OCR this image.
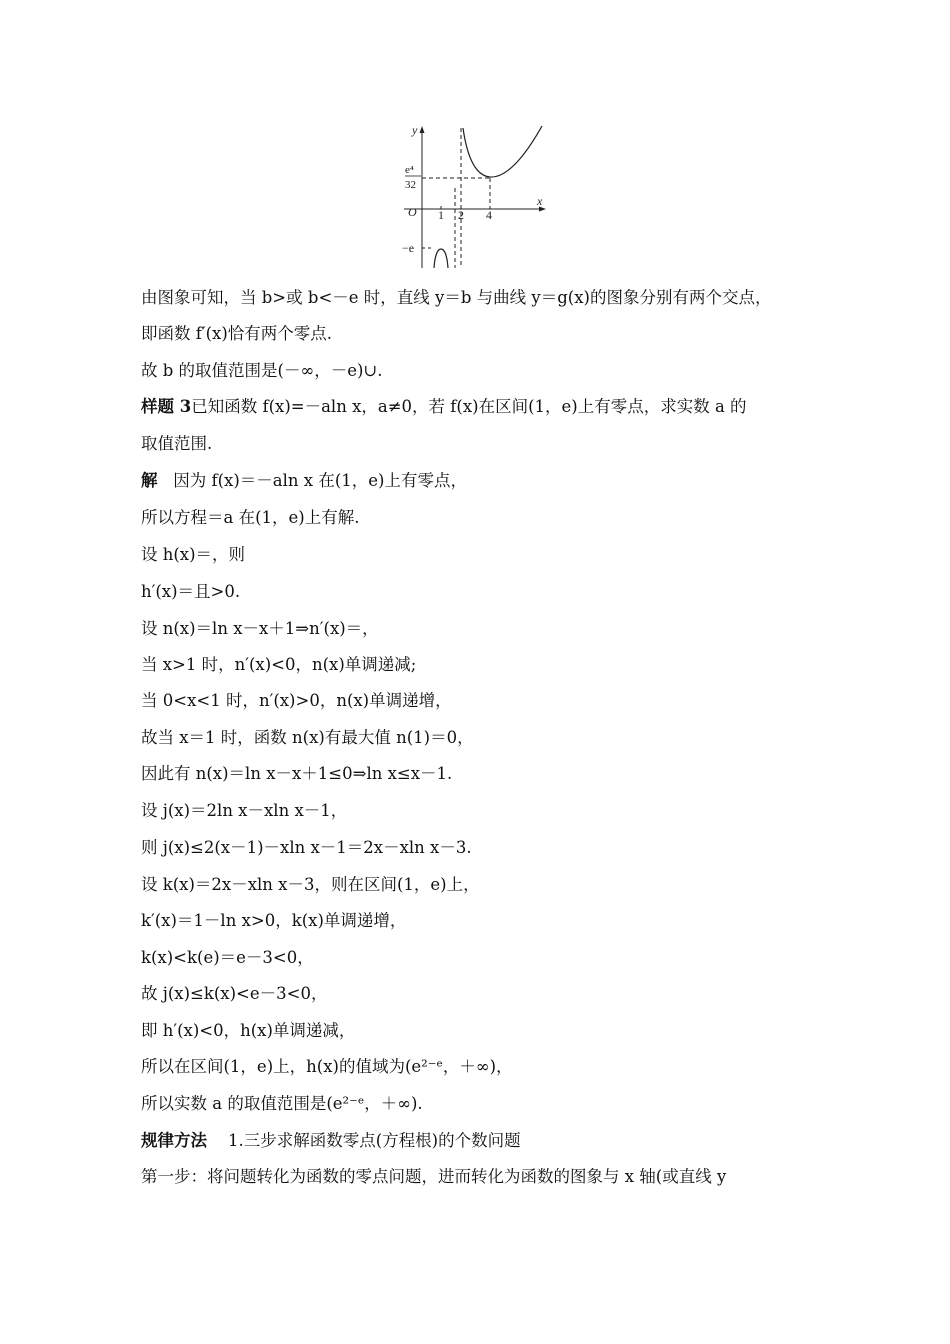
y
x
O 1 2 4
e⁴
32
−e
由图象可知，当 b>或 b<－e 时，直线 y＝b 与曲线 y＝g(x)的图象分别有两个交点，
即函数 f′(x)恰有两个零点.
故 b 的取值范围是(－∞，－e)∪.
样题 3已知函数 f(x)=－aln x，a≠0，若 f(x)在区间(1，e)上有零点，求实数 a 的
取值范围.
解 因为 f(x)＝－aln x 在(1，e)上有零点，
所以方程＝a 在(1，e)上有解.
设 h(x)＝，则
h′(x)＝且>0.
设 n(x)＝ln x－x＋1⇒n′(x)＝，
当 x>1 时，n′(x)<0，n(x)单调递减;
当 0<x<1 时，n′(x)>0，n(x)单调递增，
故当 x＝1 时，函数 n(x)有最大值 n(1)＝0，
因此有 n(x)＝ln x－x＋1≤0⇒ln x≤x－1.
设 j(x)＝2ln x－xln x－1，
则 j(x)≤2(x－1)－xln x－1＝2x－xln x－3.
设 k(x)＝2x－xln x－3，则在区间(1，e)上，
k′(x)＝1－ln x>0，k(x)单调递增，
k(x)<k(e)＝e－3<0，
故 j(x)≤k(x)<e－3<0，
即 h′(x)<0，h(x)单调递减，
所以在区间(1，e)上，h(x)的值域为(e²⁻ᵉ，＋∞)，
所以实数 a 的取值范围是(e²⁻ᵉ，＋∞).
规律方法 1.三步求解函数零点(方程根)的个数问题
第一步：将问题转化为函数的零点问题，进而转化为函数的图象与 x 轴(或直线 y
